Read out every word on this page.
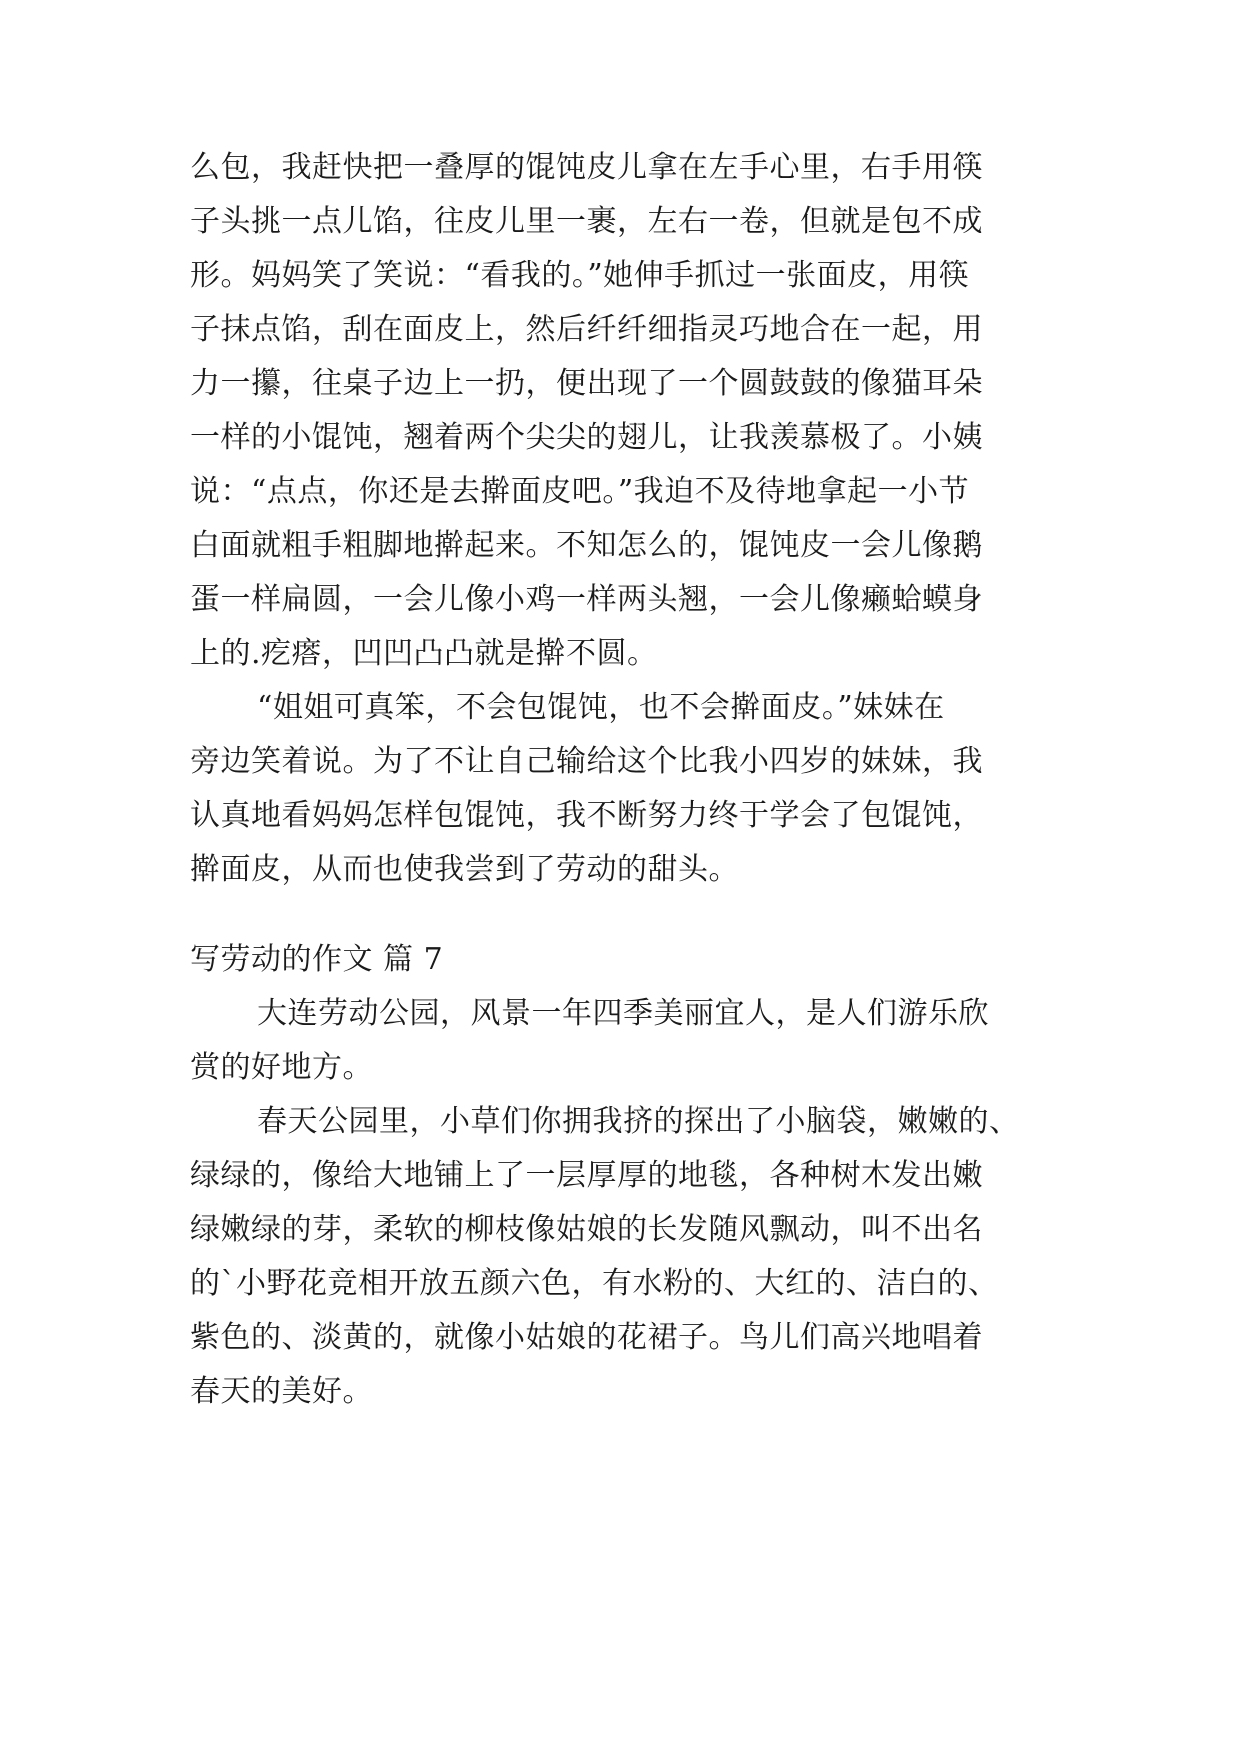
么包，我赶快把一叠厚的馄饨皮儿拿在左手心里，右手用筷
子头挑一点儿馅，往皮儿里一裹，左右一卷，但就是包不成
形。妈妈笑了笑说：“看我的。”她伸手抓过一张面皮，用筷
子抹点馅，刮在面皮上，然后纤纤细指灵巧地合在一起，用
力一攥，往桌子边上一扔，便出现了一个圆鼓鼓的像猫耳朵
一样的小馄饨，翘着两个尖尖的翅儿，让我羡慕极了。小姨
说：“点点，你还是去擀面皮吧。”我迫不及待地拿起一小节
白面就粗手粗脚地擀起来。不知怎么的，馄饨皮一会儿像鹅
蛋一样扁圆，一会儿像小鸡一样两头翘，一会儿像癞蛤蟆身
上的.疙瘩，凹凹凸凸就是擀不圆。
“姐姐可真笨，不会包馄饨，也不会擀面皮。”妹妹在
旁边笑着说。为了不让自己输给这个比我小四岁的妹妹，我
认真地看妈妈怎样包馄饨，我不断努力终于学会了包馄饨，
擀面皮，从而也使我尝到了劳动的甜头。
写劳动的作文 篇 7
大连劳动公园，风景一年四季美丽宜人，是人们游乐欣
赏的好地方。
春天公园里，小草们你拥我挤的探出了小脑袋，嫩嫩的、
绿绿的，像给大地铺上了一层厚厚的地毯，各种树木发出嫩
绿嫩绿的芽，柔软的柳枝像姑娘的长发随风飘动，叫不出名
的`小野花竞相开放五颜六色，有水粉的、大红的、洁白的、
紫色的、淡黄的，就像小姑娘的花裙子。鸟儿们高兴地唱着
春天的美好。
